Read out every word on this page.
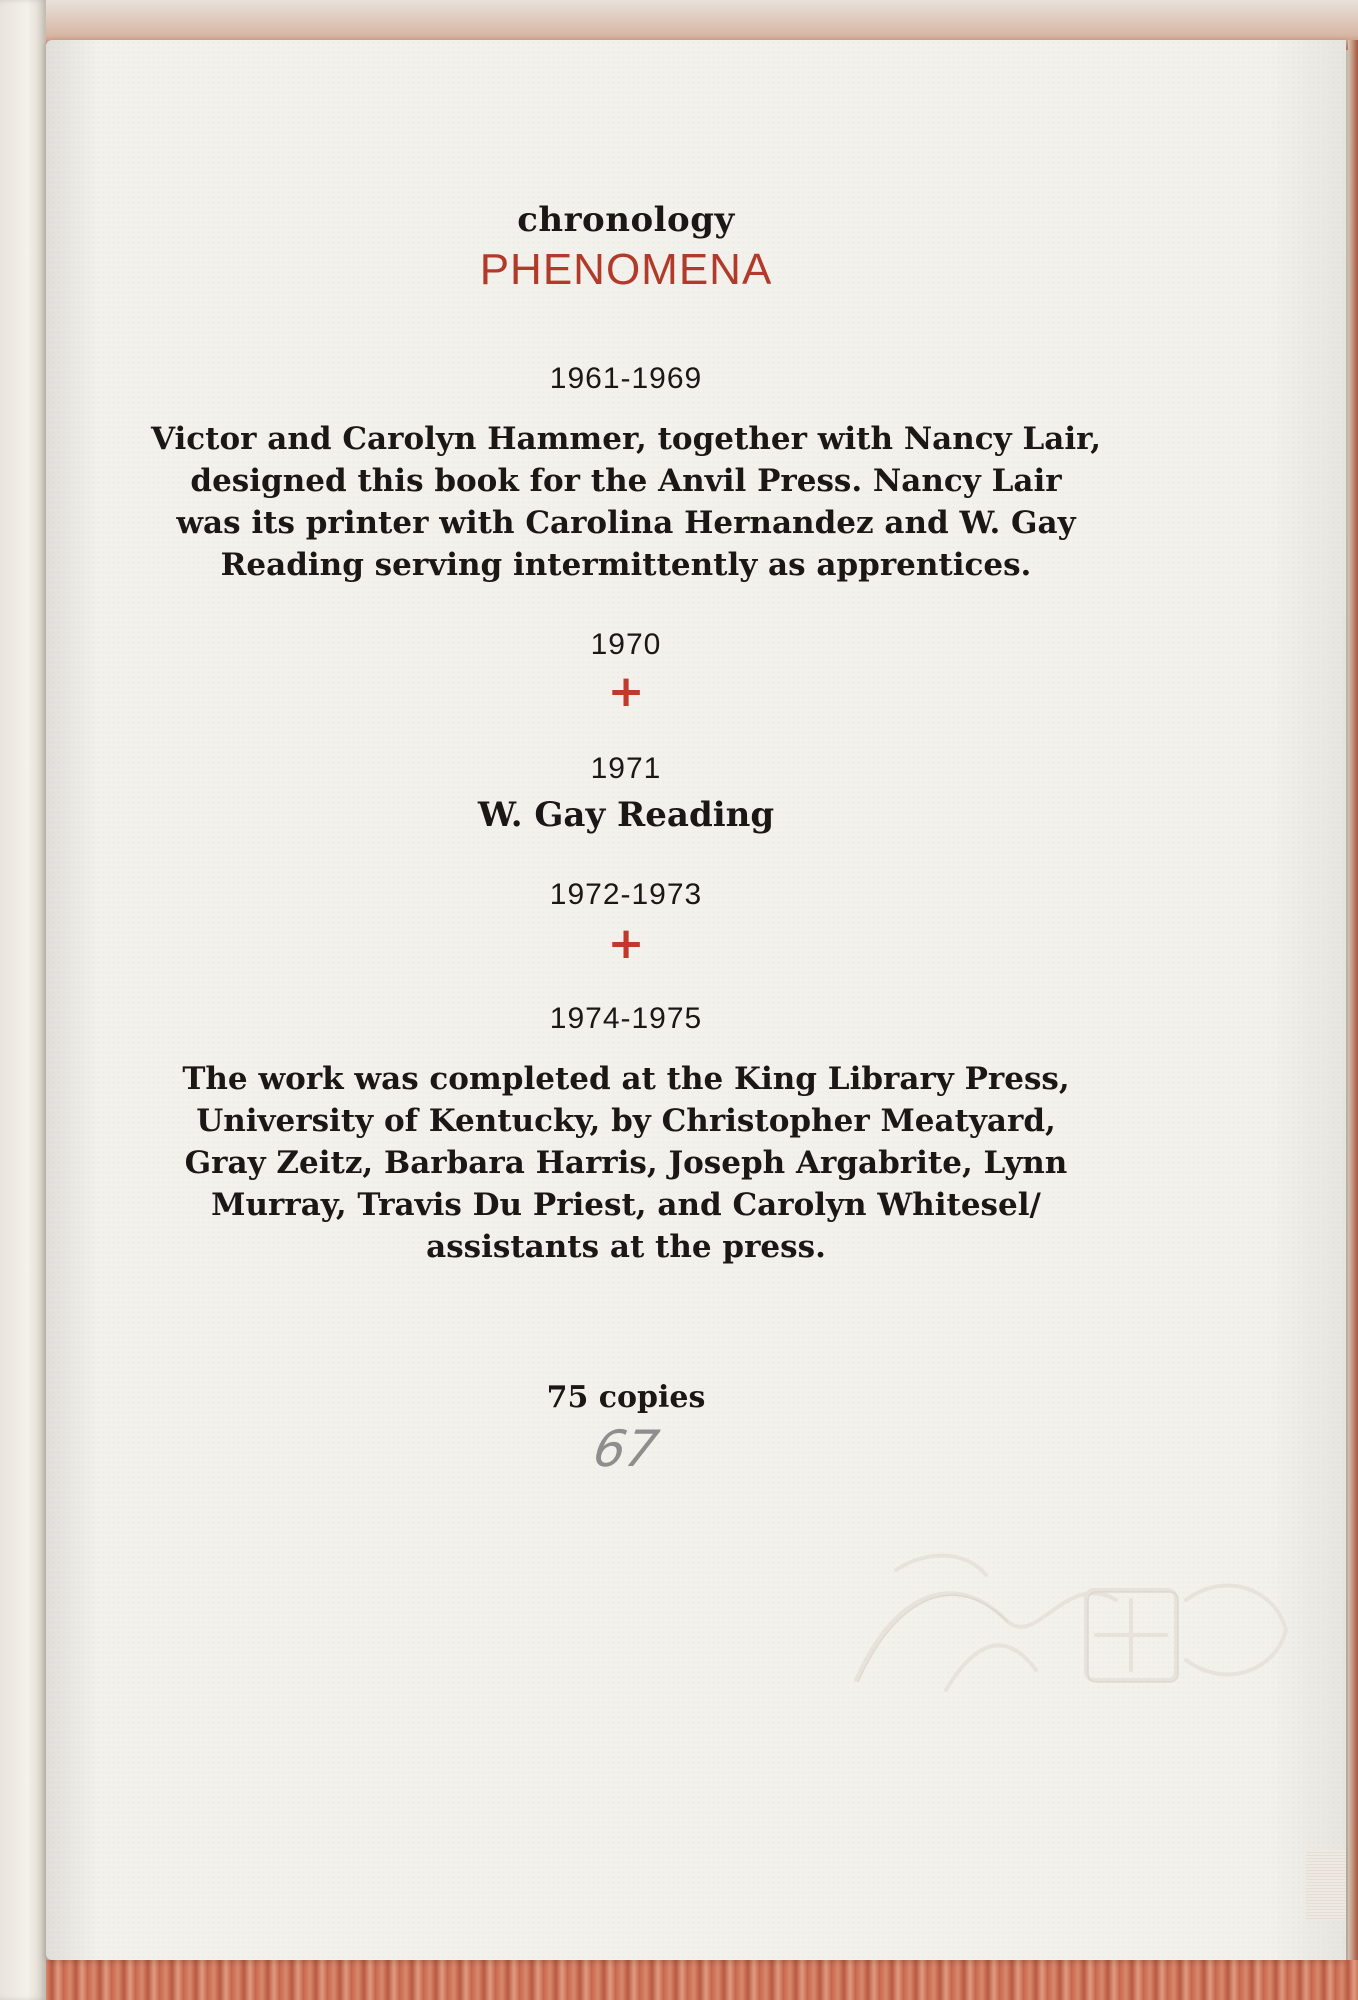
chronology
PHENOMENA
1961-1969
Victor and Carolyn Hammer, together with Nancy Lair,
designed this book for the Anvil Press. Nancy Lair
was its printer with Carolina Hernandez and W. Gay
Reading serving intermittently as apprentices.
1970
+
1971
W. Gay Reading
1972-1973
+
1974-1975
The work was completed at the King Library Press,
University of Kentucky, by Christopher Meatyard,
Gray Zeitz, Barbara Harris, Joseph Argabrite, Lynn
Murray, Travis Du Priest, and Carolyn Whitesel/
assistants at the press.
75 copies
67
